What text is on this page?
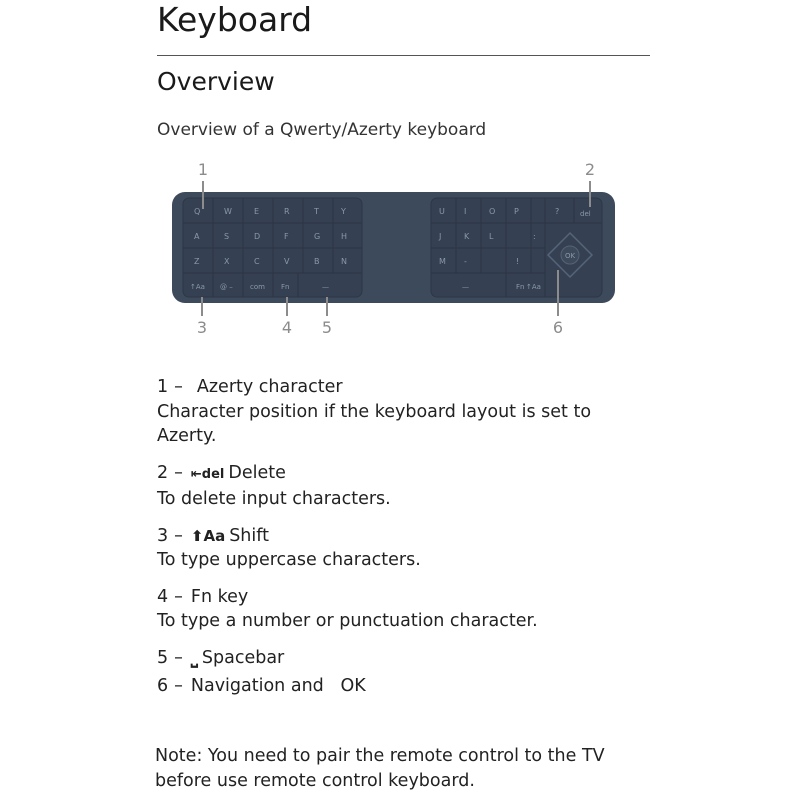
Keyboard
Overview
Overview of a Qwerty/Azerty keyboard
1	2
3	4 5	6
Q	W	E	R	T	Y
A	S	D	F	G	H
Z	X	C	V	B	N
↑Aa @ – com Fn	—
U I	O P	?	del
J	K L	:
M -	!
—	Fn ↑Aa
OK
1 – Azerty character
Character position if the keyboard layout is set to Azerty.
2 – ⇤del Delete
To delete input characters.
3 – ⬆Aa Shift
To type uppercase characters.
4 – Fn key
To type a number or punctuation character.
5 – ⎵ Spacebar
6 – Navigation and   OK
Note: You need to pair the remote control to the TV before use remote control keyboard.
